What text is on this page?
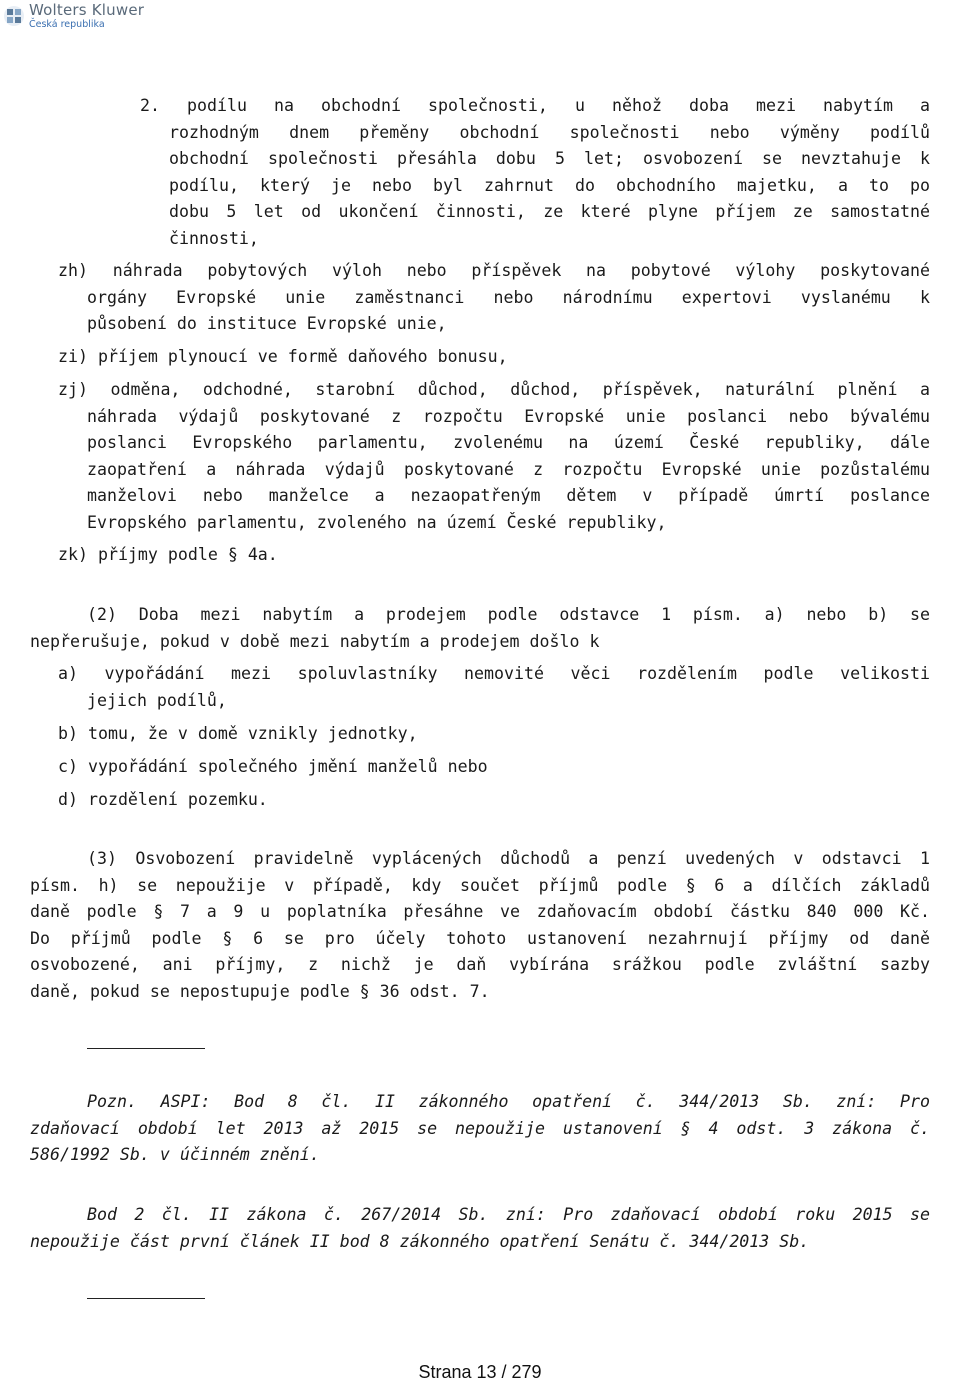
Wolters Kluwer
Česká republika
2. podílu na obchodní společnosti, u něhož doba mezi nabytím a
rozhodným dnem přeměny obchodní společnosti nebo výměny podílů
obchodní společnosti přesáhla dobu 5 let; osvobození se nevztahuje k
podílu, který je nebo byl zahrnut do obchodního majetku, a to po
dobu 5 let od ukončení činnosti, ze které plyne příjem ze samostatné
činnosti,
zh) náhrada pobytových výloh nebo příspěvek na pobytové výlohy poskytované
orgány Evropské unie zaměstnanci nebo národnímu expertovi vyslanému k
působení do instituce Evropské unie,
zi) příjem plynoucí ve formě daňového bonusu,
zj) odměna, odchodné, starobní důchod, důchod, příspěvek, naturální plnění a
náhrada výdajů poskytované z rozpočtu Evropské unie poslanci nebo bývalému
poslanci Evropského parlamentu, zvolenému na území České republiky, dále
zaopatření a náhrada výdajů poskytované z rozpočtu Evropské unie pozůstalému
manželovi nebo manželce a nezaopatřeným dětem v případě úmrtí poslance
Evropského parlamentu, zvoleného na území České republiky,
zk) příjmy podle § 4a.
(2) Doba mezi nabytím a prodejem podle odstavce 1 písm. a) nebo b) se
nepřerušuje, pokud v době mezi nabytím a prodejem došlo k
a) vypořádání mezi spoluvlastníky nemovité věci rozdělením podle velikosti
jejich podílů,
b) tomu, že v domě vznikly jednotky,
c) vypořádání společného jmění manželů nebo
d) rozdělení pozemku.
(3) Osvobození pravidelně vyplácených důchodů a penzí uvedených v odstavci 1
písm. h) se nepoužije v případě, kdy součet příjmů podle § 6 a dílčích základů
daně podle § 7 a 9 u poplatníka přesáhne ve zdaňovacím období částku 840 000 Kč.
Do příjmů podle § 6 se pro účely tohoto ustanovení nezahrnují příjmy od daně
osvobozené, ani příjmy, z nichž je daň vybírána srážkou podle zvláštní sazby
daně, pokud se nepostupuje podle § 36 odst. 7.
Pozn. ASPI: Bod 8 čl. II zákonného opatření č. 344/2013 Sb. zní: Pro
zdaňovací období let 2013 až 2015 se nepoužije ustanovení § 4 odst. 3 zákona č.
586/1992 Sb. v účinném znění.
Bod 2 čl. II zákona č. 267/2014 Sb. zní: Pro zdaňovací období roku 2015 se
nepoužije část první článek II bod 8 zákonného opatření Senátu č. 344/2013 Sb.
Strana 13 / 279
